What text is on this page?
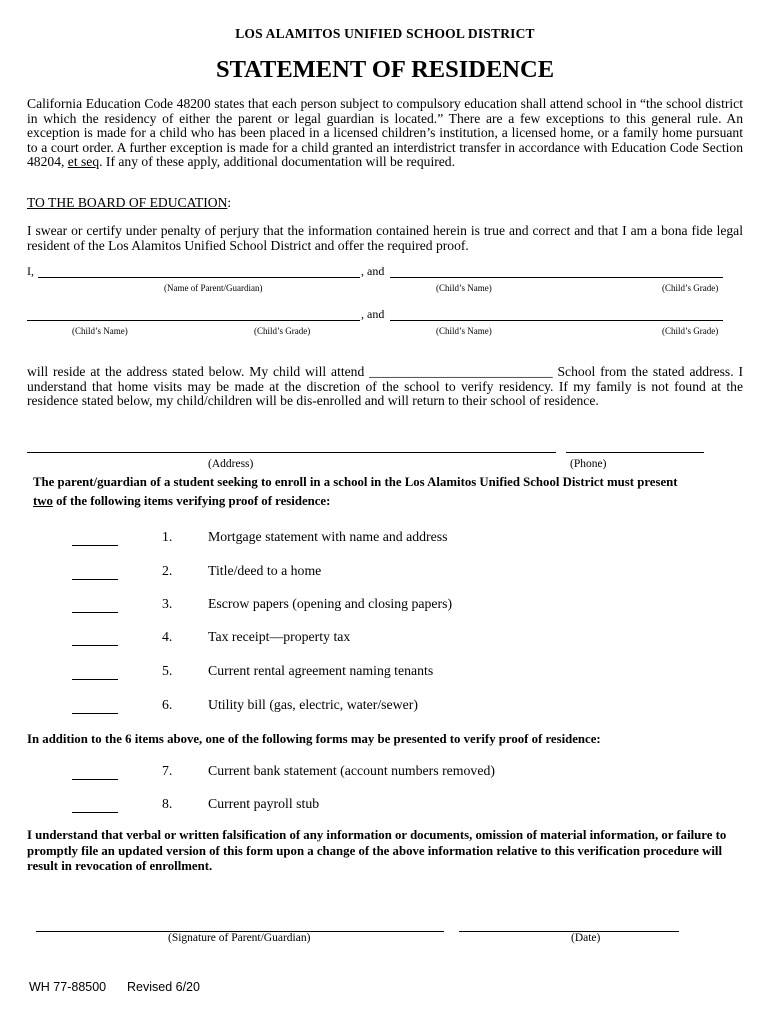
LOS ALAMITOS UNIFIED SCHOOL DISTRICT
STATEMENT OF RESIDENCE
California Education Code 48200 states that each person subject to compulsory education shall attend school in “the school district in which the residency of either the parent or legal guardian is located.” There are a few exceptions to this general rule. An exception is made for a child who has been placed in a licensed children’s institution, a licensed home, or a family home pursuant to a court order. A further exception is made for a child granted an interdistrict transfer in accordance with Education Code Section 48204, et seq. If any of these apply, additional documentation will be required.
TO THE BOARD OF EDUCATION:
I swear or certify under penalty of perjury that the information contained herein is true and correct and that I am a bona fide legal resident of the Los Alamitos Unified School District and offer the required proof.
I,	, and
(Name of Parent/Guardian)	(Child’s Name)	(Child’s Grade)
, and
(Child’s Name)	(Child’s Grade)	(Child’s Name)	(Child’s Grade)
will reside at the address stated below. My child will attend ___________________________ School from the stated address. I understand that home visits may be made at the discretion of the school to verify residency. If my family is not found at the residence stated below, my child/children will be dis-enrolled and will return to their school of residence.
(Address)	(Phone)
The parent/guardian of a student seeking to enroll in a school in the Los Alamitos Unified School District must present
two of the following items verifying proof of residence:
1.	Mortgage statement with name and address
2.	Title/deed to a home
3.	Escrow papers (opening and closing papers)
4.	Tax receipt—property tax
5.	Current rental agreement naming tenants
6.	Utility bill (gas, electric, water/sewer)
In addition to the 6 items above, one of the following forms may be presented to verify proof of residence:
7.	Current bank statement (account numbers removed)
8.	Current payroll stub
I understand that verbal or written falsification of any information or documents, omission of material information, or failure to promptly file an updated version of this form upon a change of the above information relative to this verification procedure will result in revocation of enrollment.
(Signature of Parent/Guardian)	(Date)
WH 77-88500 Revised 6/20
